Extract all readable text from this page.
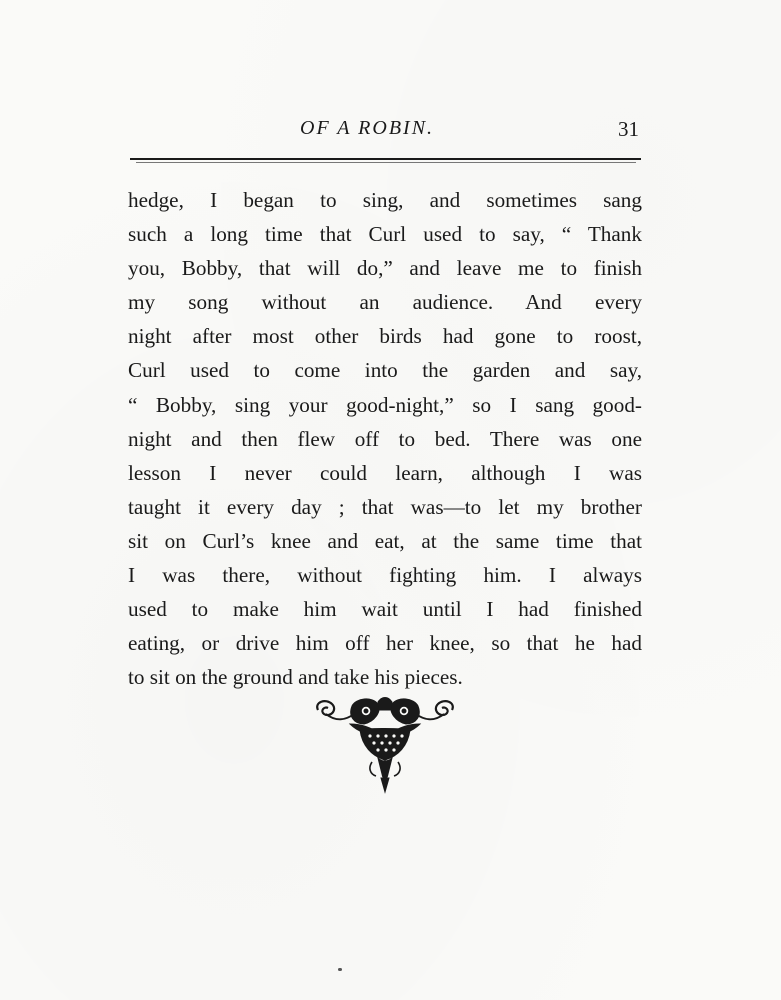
OF A ROBIN.	31
hedge, I began to sing, and sometimes sang
such a long time that Curl used to say, “ Thank
you, Bobby, that will do,” and leave me to finish
my song without an audience. And every
night after most other birds had gone to roost,
Curl used to come into the garden and say,
“ Bobby, sing your good-night,” so I sang good-
night and then flew off to bed. There was one
lesson I never could learn, although I was
taught it every day ; that was—to let my brother
sit on Curl’s knee and eat, at the same time that
I was there, without fighting him. I always
used to make him wait until I had finished
eating, or drive him off her knee, so that he had
to sit on the ground and take his pieces.
